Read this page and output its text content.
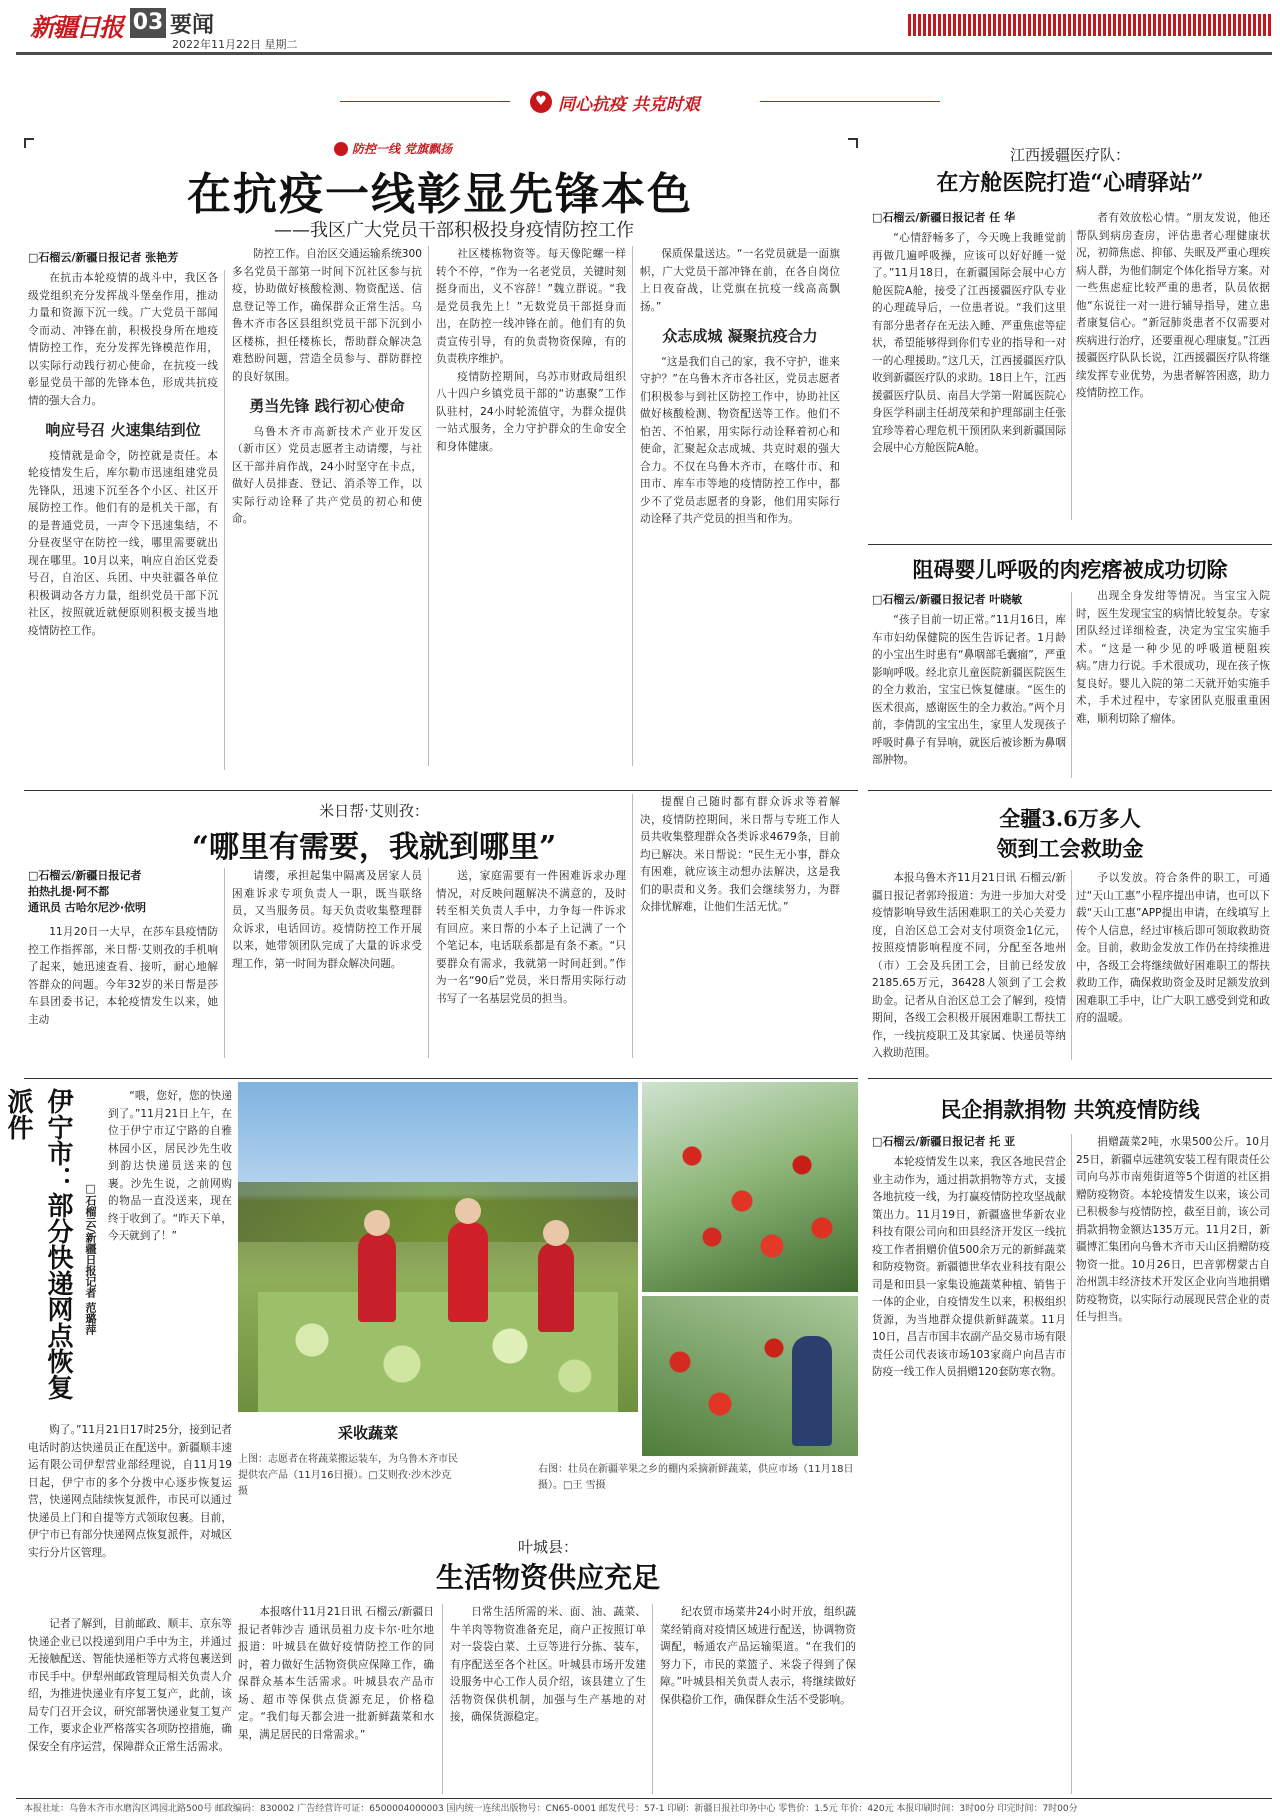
新疆日报 03 要闻
2022年11月22日 星期二
♥ 同心抗疫 共克时艰
防控一线 党旗飘扬
在抗疫一线彰显先锋本色
——我区广大党员干部积极投身疫情防控工作
□石榴云/新疆日报记者 张艳芳

在抗击本轮疫情的战斗中，我区各级党组织充分发挥战斗堡垒作用，推动力量和资源下沉一线。广大党员干部闻令而动、冲锋在前，积极投身所在地疫情防控工作，充分发挥先锋模范作用，以实际行动践行初心使命，在抗疫一线彰显党员干部的先锋本色，形成共抗疫情的强大合力。

响应号召 火速集结到位

疫情就是命令，防控就是责任。本轮疫情发生后，库尔勒市迅速组建党员先锋队，迅速下沉至各个小区、社区开展防控工作。他们有的是机关干部，有的是普通党员，一声令下迅速集结，不分昼夜坚守在防控一线，哪里需要就出现在哪里。10月以来，响应自治区党委号召，自治区、兵团、中央驻疆各单位积极调动各方力量，组织党员干部下沉社区，按照就近就便原则积极支援当地疫情防控工作。

防控工作。自治区交通运输系统300多名党员干部第一时间下沉社区参与抗疫，协助做好核酸检测、物资配送、信息登记等工作，确保群众正常生活。乌鲁木齐市各区县组织党员干部下沉到小区楼栋，担任楼栋长，帮助群众解决急难愁盼问题，营造全员参与、群防群控的良好氛围。

勇当先锋 践行初心使命

乌鲁木齐市高新技术产业开发区（新市区）党员志愿者主动请缨，与社区干部并肩作战，24小时坚守在卡点，做好人员排查、登记、消杀等工作，以实际行动诠释了共产党员的初心和使命。

社区楼栋物资等。每天像陀螺一样转个不停，“作为一名老党员，关键时刻挺身而出，义不容辞！”魏立群说。“我是党员我先上！”无数党员干部挺身而出，在防控一线冲锋在前。他们有的负责宣传引导，有的负责物资保障，有的负责秩序维护。

疫情防控期间，乌苏市财政局组织八十四户乡镇党员干部的“访惠聚”工作队驻村，24小时轮流值守，为群众提供一站式服务，全力守护群众的生命安全和身体健康。

保质保量送达。“一名党员就是一面旗帜，广大党员干部冲锋在前，在各自岗位上日夜奋战，让党旗在抗疫一线高高飘扬。”

众志成城 凝聚抗疫合力

“这是我们自己的家，我不守护，谁来守护？”在乌鲁木齐市各社区，党员志愿者们积极参与到社区防控工作中，协助社区做好核酸检测、物资配送等工作。他们不怕苦、不怕累，用实际行动诠释着初心和使命，汇聚起众志成城、共克时艰的强大合力。不仅在乌鲁木齐市，在喀什市、和田市、库车市等地的疫情防控工作中，都少不了党员志愿者的身影，他们用实际行动诠释了共产党员的担当和作为。

江西援疆医疗队：
在方舱医院打造“心晴驿站”
□石榴云/新疆日报记者 任 华

“心情舒畅多了，今天晚上我睡觉前再做几遍呼吸操，应该可以好好睡一觉了。”11月18日，在新疆国际会展中心方舱医院A舱，接受了江西援疆医疗队专业的心理疏导后，一位患者说。“我们这里有部分患者存在无法入睡、严重焦虑等症状，希望能够得到你们专业的指导和一对一的心理援助。”这几天，江西援疆医疗队收到新疆医疗队的求助。18日上午，江西援疆医疗队员、南昌大学第一附属医院心身医学科副主任胡茂荣和护理部副主任张宜珍等着心理危机干预团队来到新疆国际会展中心方舱医院A舱。

者有效放松心情。“朋友发说，他还帮队到病房查房，评估患者心理健康状况，初筛焦虑、抑郁、失眠及严重心理疾病人群，为他们制定个体化指导方案。对一些焦虑症比较严重的患者，队员依据他“东说往一对一进行辅导指导，建立患者康复信心。“新冠肺炎患者不仅需要对疾病进行治疗，还要重视心理康复。”江西援疆医疗队队长说，江西援疆医疗队将继续发挥专业优势，为患者解答困惑，助力疫情防控工作。

阻碍婴儿呼吸的肉疙瘩被成功切除
□石榴云/新疆日报记者 叶晓敏

“孩子目前一切正常。”11月16日，库车市妇幼保健院的医生告诉记者。1月龄的小宝出生时患有“鼻咽部毛囊瘤”，严重影响呼吸。经北京儿童医院新疆医院医生的全力救治，宝宝已恢复健康。“医生的医术很高，感谢医生的全力救治。”两个月前，李倩凯的宝宝出生，家里人发现孩子呼吸时鼻子有异响，就医后被诊断为鼻咽部肿物。

出现全身发绀等情况。当宝宝入院时，医生发现宝宝的病情比较复杂。专家团队经过详细检查，决定为宝宝实施手术。“这是一种少见的呼吸道梗阻疾病。”唐力行说。手术很成功，现在孩子恢复良好。婴儿入院的第二天就开始实施手术，手术过程中，专家团队克服重重困难，顺利切除了瘤体。

米日帮·艾则孜：
“哪里有需要，我就到哪里”
□石榴云/新疆日报记者
拍热扎提·阿不都
通讯员 古哈尔尼沙·依明

11月20日一大早，在莎车县疫情防控工作指挥部，米日帮·艾则孜的手机响了起来，她迅速查看、接听，耐心地解答群众的问题。今年32岁的米日帮是莎车县团委书记，本轮疫情发生以来，她主动

请缨，承担起集中隔离及居家人员困难诉求专项负责人一职，既当联络员，又当服务员。每天负责收集整理群众诉求，电话回访。疫情防控工作开展以来，她带领团队完成了大量的诉求受理工作，第一时间为群众解决问题。

送，家庭需要有一件困难诉求办理情况，对反映问题解决不满意的，及时转至相关负责人手中，力争每一件诉求有回应。来日帮的小本子上记满了一个个笔记本，电话联系都是有条不紊。“只要群众有需求，我就第一时间赶到。”作为一名“90后”党员，米日帮用实际行动书写了一名基层党员的担当。

提醒自己随时都有群众诉求等着解决，疫情防控期间，米日帮与专班工作人员共收集整理群众各类诉求4679条，目前均已解决。米日帮说：“民生无小事，群众有困难，就应该主动想办法解决，这是我们的职责和义务。我们会继续努力，为群众排忧解难，让他们生活无忧。”

全疆3.6万多人
领到工会救助金

本报乌鲁木齐11月21日讯 石榴云/新疆日报记者郭玲报道：为进一步加大对受疫情影响导致生活困难职工的关心关爱力度，自治区总工会对支付项资金1亿元，按照疫情影响程度不同，分配至各地州（市）工会及兵团工会，目前已经发放2185.65万元，36428人领到了工会救助金。记者从自治区总工会了解到，疫情期间，各级工会积极开展困难职工帮扶工作，一线抗疫职工及其家属、快递员等纳入救助范围。

予以发放。符合条件的职工，可通过“天山工惠”小程序提出申请，也可以下载“天山工惠”APP提出申请，在线填写上传个人信息，经过审核后即可领取救助资金。目前，救助金发放工作仍在持续推进中，各级工会将继续做好困难职工的帮扶救助工作，确保救助资金及时足额发放到困难职工手中，让广大职工感受到党和政府的温暖。

伊宁市：部分快递网点恢复派件
□石榴云/新疆日报记者 范璐萍

“喂，您好，您的快递到了。”11月21日上午，在位于伊宁市辽宁路的自雅林园小区，居民沙先生收到韵达快递员送来的包裹。沙先生说，之前网购的物品一直没送来，现在终于收到了。“昨天下单，今天就到了！”

购了。”11月21日17时25分，接到记者电话时韵达快递员正在配送中。新疆顺丰速运有限公司伊犁营业部经理说，自11月19日起，伊宁市的多个分拨中心逐步恢复运营，快递网点陆续恢复派件，市民可以通过快递员上门和自提等方式领取包裹。目前，伊宁市已有部分快递网点恢复派件，对城区实行分片区管理。

记者了解到，目前邮政、顺丰、京东等快递企业已以投递到用户手中为主，并通过无接触配送、智能快递柜等方式将包裹送到市民手中。伊犁州邮政管理局相关负责人介绍，为推进快递业有序复工复产，此前，该局专门召开会议，研究部署快递业复工复产工作，要求企业严格落实各项防控措施，确保安全有序运营，保障群众正常生活需求。

采收蔬菜
上图：志愿者在将蔬菜搬运装车，为乌鲁木齐市民提供农产品（11月16日摄）。□艾则孜·沙木沙克摄
右图：壮员在新疆苹果之乡的棚内采摘新鲜蔬菜，供应市场（11月18日摄）。□王 雪摄
叶城县：
生活物资供应充足

本报喀什11月21日讯 石榴云/新疆日报记者韩沙吉 通讯员祖力皮卡尔·吐尔地报道：叶城县在做好疫情防控工作的同时，着力做好生活物资供应保障工作，确保群众基本生活需求。叶城县农产品市场、超市等保供点货源充足，价格稳定。“我们每天都会进一批新鲜蔬菜和水果，满足居民的日常需求。”

日常生活所需的米、面、油、蔬菜、牛羊肉等物资准备充足，商户正按照订单对一袋袋白菜、土豆等进行分拣、装车，有序配送至各个社区。叶城县市场开发建设服务中心工作人员介绍，该县建立了生活物资保供机制，加强与生产基地的对接，确保货源稳定。

纪农贸市场菜井24小时开放，组织蔬菜经销商对疫情区域进行配送，协调物资调配，畅通农产品运输渠道。“在我们的努力下，市民的菜篮子、米袋子得到了保障。”叶城县相关负责人表示，将继续做好保供稳价工作，确保群众生活不受影响。

民企捐款捐物 共筑疫情防线
□石榴云/新疆日报记者 托 亚

本轮疫情发生以来，我区各地民营企业主动作为，通过捐款捐物等方式，支援各地抗疫一线，为打赢疫情防控攻坚战献策出力。11月19日，新疆盛世华新农业科技有限公司向和田县经济开发区一线抗疫工作者捐赠价值500余万元的新鲜蔬菜和防疫物资。新疆德世华农业科技有限公司是和田县一家集设施蔬菜种植、销售于一体的企业，自疫情发生以来，积极组织货源，为当地群众提供新鲜蔬菜。11月10日，昌吉市国丰农副产品交易市场有限责任公司代表该市场103家商户向昌吉市防疫一线工作人员捐赠120套防寒衣物。

捐赠蔬菜2吨，水果500公斤。10月25日，新疆卓远建筑安装工程有限责任公司向乌苏市南苑街道等5个街道的社区捐赠防疫物资。本轮疫情发生以来，该公司已积极参与疫情防控，截至目前，该公司捐款捐物金额达135万元。11月2日，新疆博汇集团向乌鲁木齐市天山区捐赠防疫物资一批。10月26日，巴音郭楞蒙古自治州凯丰经济技术开发区企业向当地捐赠防疫物资，以实际行动展现民营企业的责任与担当。

本报社址：乌鲁木齐市水磨沟区鸿园北路500号 邮政编码：830002 广告经营许可证：6500004000003 国内统一连续出版物号：CN65-0001 邮发代号：57-1 印刷：新疆日报社印务中心 零售价：1.5元 年价：420元 本报印刷时间：3时00分 印完时间：7时00分
